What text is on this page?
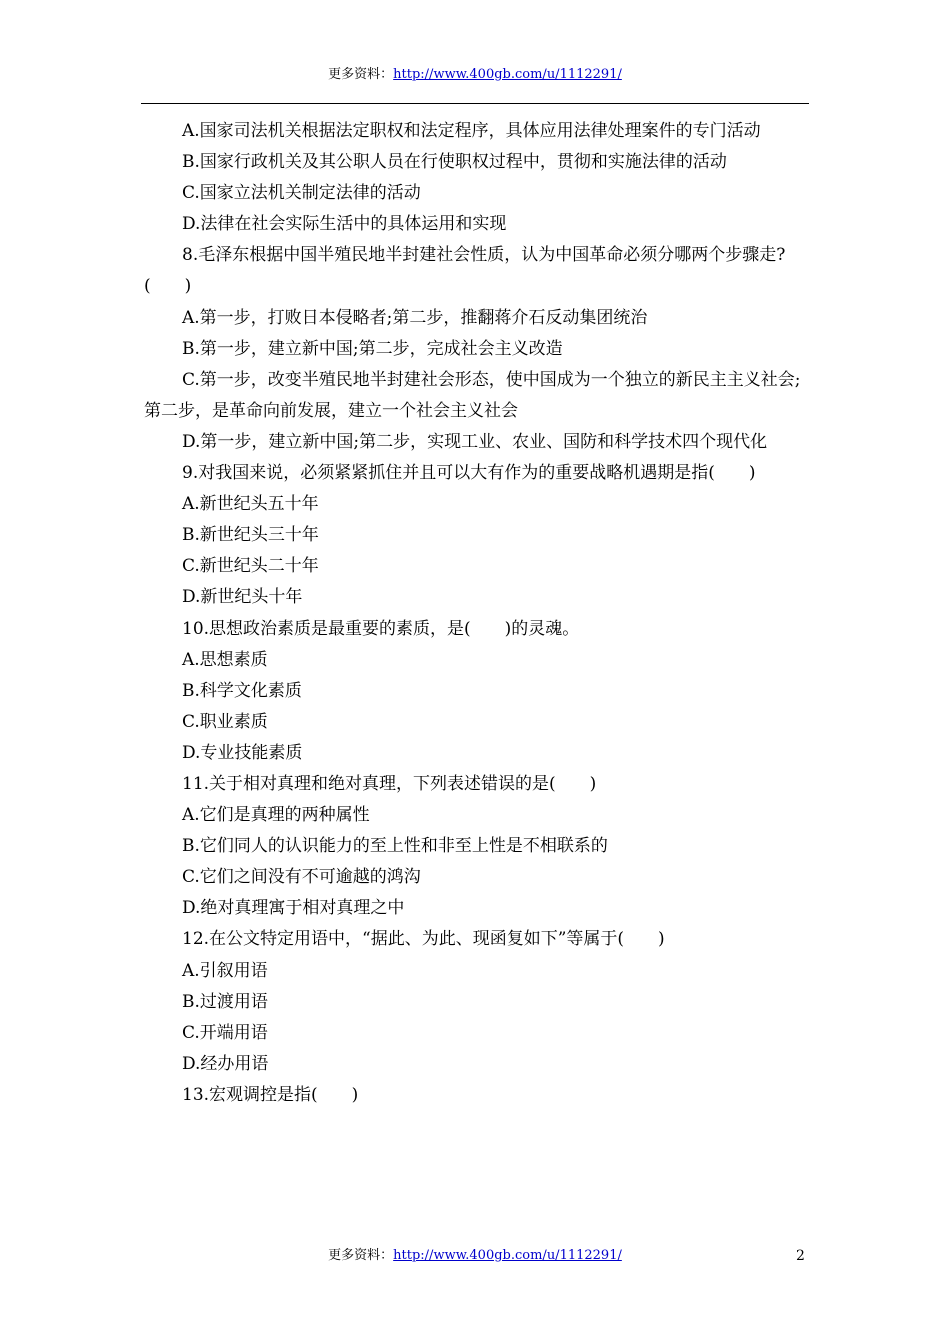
更多资料：http://www.400gb.com/u/1112291/

A.国家司法机关根据法定职权和法定程序，具体应用法律处理案件的专门活动

B.国家行政机关及其公职人员在行使职权过程中，贯彻和实施法律的活动

C.国家立法机关制定法律的活动

D.法律在社会实际生活中的具体运用和实现

8.毛泽东根据中国半殖民地半封建社会性质，认为中国革命必须分哪两个步骤走?(　　)

A.第一步，打败日本侵略者;第二步，推翻蒋介石反动集团统治

B.第一步，建立新中国;第二步，完成社会主义改造

C.第一步，改变半殖民地半封建社会形态，使中国成为一个独立的新民主主义社会;第二步，是革命向前发展，建立一个社会主义社会

D.第一步，建立新中国;第二步，实现工业、农业、国防和科学技术四个现代化

9.对我国来说，必须紧紧抓住并且可以大有作为的重要战略机遇期是指(　　)

A.新世纪头五十年

B.新世纪头三十年

C.新世纪头二十年

D.新世纪头十年

10.思想政治素质是最重要的素质，是(　　)的灵魂。

A.思想素质

B.科学文化素质

C.职业素质

D.专业技能素质

11.关于相对真理和绝对真理，下列表述错误的是(　　)

A.它们是真理的两种属性

B.它们同人的认识能力的至上性和非至上性是不相联系的

C.它们之间没有不可逾越的鸿沟

D.绝对真理寓于相对真理之中

12.在公文特定用语中，“据此、为此、现函复如下”等属于(　　)

A.引叙用语

B.过渡用语

C.开端用语

D.经办用语

13.宏观调控是指(　　)

更多资料：http://www.400gb.com/u/1112291/	2
